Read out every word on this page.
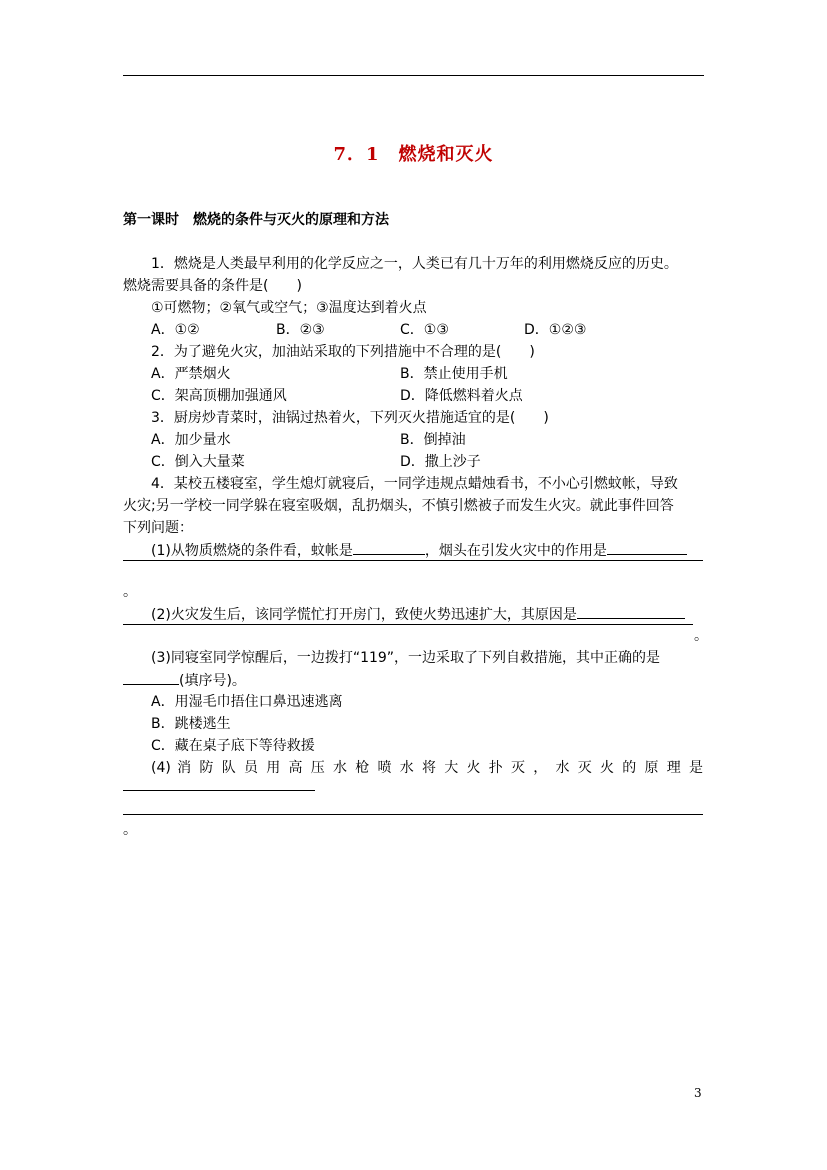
7．1　燃烧和灭火
第一课时　燃烧的条件与灭火的原理和方法
1．燃烧是人类最早利用的化学反应之一，人类已有几十万年的利用燃烧反应的历史。
燃烧需要具备的条件是(　　)
①可燃物；②氧气或空气；③温度达到着火点
A．①②	B．②③	C．①③	D．①②③
2．为了避免火灾，加油站采取的下列措施中不合理的是(　　)
A．严禁烟火	B．禁止使用手机
C．架高顶棚加强通风	D．降低燃料着火点
3．厨房炒青菜时，油锅过热着火，下列灭火措施适宜的是(　　)
A．加少量水	B．倒掉油
C．倒入大量菜	D．撒上沙子
4．某校五楼寝室，学生熄灯就寝后，一同学违规点蜡烛看书，不小心引燃蚊帐，导致
火灾;另一学校一同学躲在寝室吸烟，乱扔烟头，不慎引燃被子而发生火灾。就此事件回答
下列问题：
(1)从物质燃烧的条件看，蚊帐是	，烟头在引发火灾中的作用是
。
(2)火灾发生后，该同学慌忙打开房门，致使火势迅速扩大，其原因是
。
(3)同寝室同学惊醒后，一边拨打“119”，一边采取了下列自救措施，其中正确的是
(填序号)。
A．用湿毛巾捂住口鼻迅速逃离
B．跳楼逃生
C．藏在桌子底下等待救援
(4) 消 防 队 员 用 高 压 水 枪 喷 水 将 大 火 扑 灭 ， 水 灭 火 的 原 理 是
。
3
